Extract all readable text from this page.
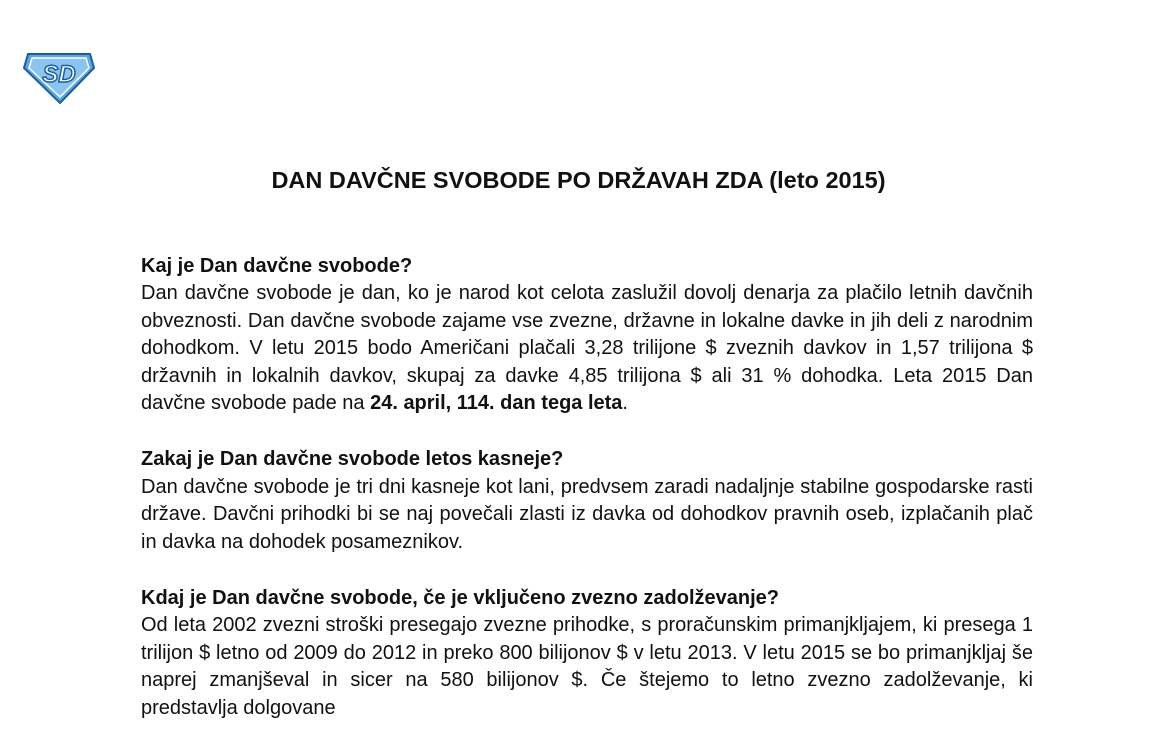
SD
DAN DAVČNE SVOBODE PO DRŽAVAH ZDA (leto 2015)
Kaj je Dan davčne svobode?

Dan davčne svobode je dan, ko je narod kot celota zaslužil dovolj denarja za plačilo letnih davčnih obveznosti. Dan davčne svobode zajame vse zvezne, državne in lokalne davke in jih deli z narodnim dohodkom. V letu 2015 bodo Američani plačali 3,28 trilijone $ zveznih davkov in 1,57 trilijona $ državnih in lokalnih davkov, skupaj za davke 4,85 trilijona $ ali 31 % dohodka. Leta 2015 Dan davčne svobode pade na 24. april, 114. dan tega leta.

Zakaj je Dan davčne svobode letos kasneje?

Dan davčne svobode je tri dni kasneje kot lani, predvsem zaradi nadaljnje stabilne gospodarske rasti države. Davčni prihodki bi se naj povečali zlasti iz davka od dohodkov pravnih oseb, izplačanih plač in davka na dohodek posameznikov.

Kdaj je Dan davčne svobode, če je vključeno zvezno zadolževanje?

Od leta 2002 zvezni stroški presegajo zvezne prihodke, s proračunskim primanjkljajem, ki presega 1 trilijon $ letno od 2009 do 2012 in preko 800 bilijonov $ v letu 2013. V letu 2015 se bo primanjkljaj še naprej zmanjševal in sicer na 580 bilijonov $. Če štejemo to letno zvezno zadolževanje, ki predstavlja dolgovane
